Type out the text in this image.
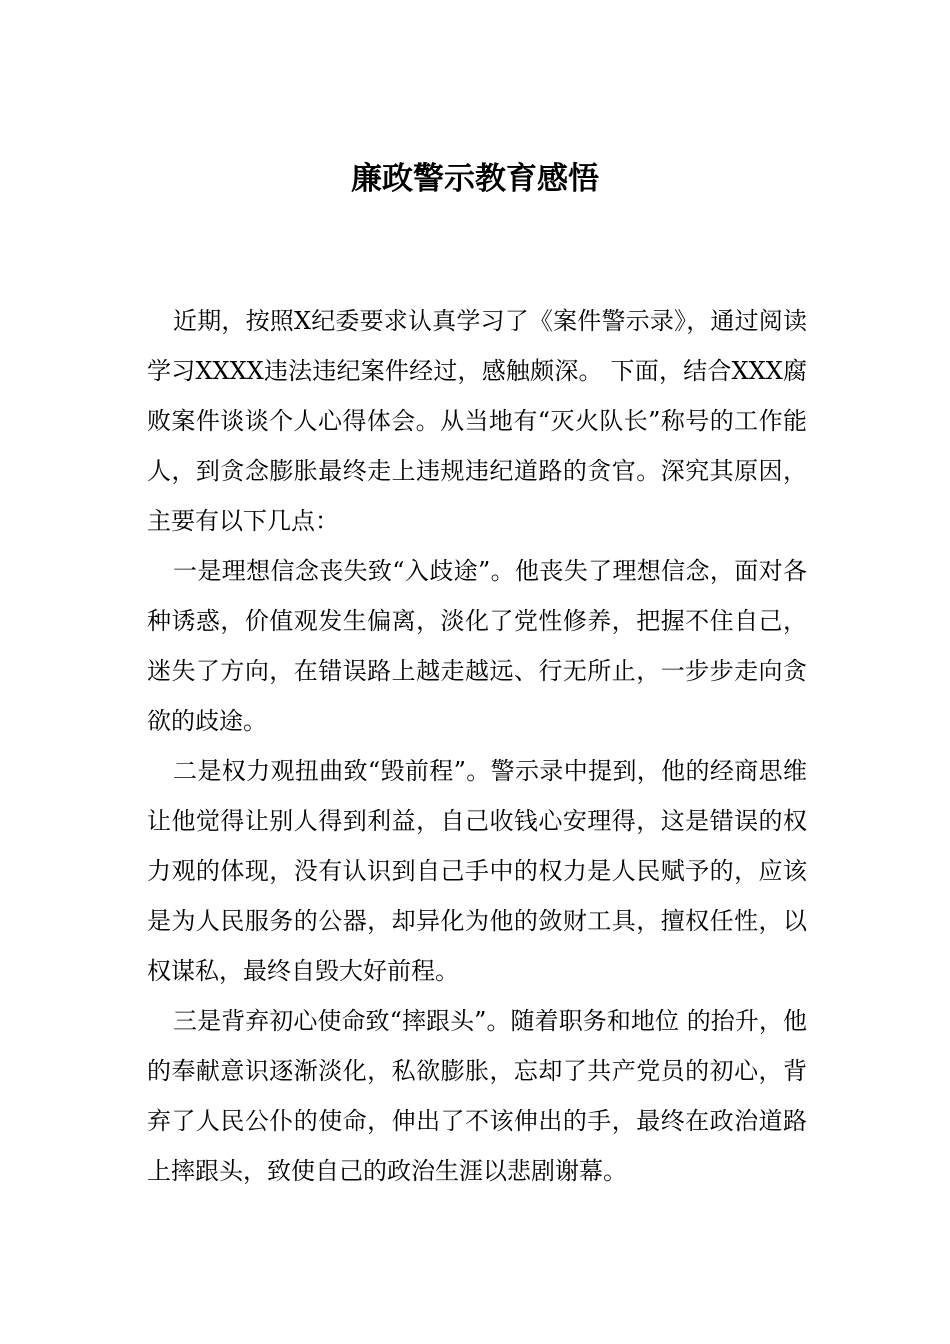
廉政警示教育感悟

近期，按照X纪委要求认真学习了《案件警示录》，通过阅读学习XXXX违法违纪案件经过，感触颇深。 下面，结合XXX腐败案件谈谈个人心得体会。从当地有“灭火队长”称号的工作能人，到贪念膨胀最终走上违规违纪道路的贪官。深究其原因，主要有以下几点：

一是理想信念丧失致“入歧途”。他丧失了理想信念，面对各种诱惑，价值观发生偏离，淡化了党性修养，把握不住自己，迷失了方向，在错误路上越走越远、行无所止，一步步走向贪欲的歧途。

二是权力观扭曲致“毁前程”。警示录中提到，他的经商思维让他觉得让别人得到利益，自己收钱心安理得，这是错误的权力观的体现，没有认识到自己手中的权力是人民赋予的，应该是为人民服务的公器，却异化为他的敛财工具，擅权任性，以权谋私，最终自毁大好前程。

三是背弃初心使命致“摔跟头”。随着职务和地位 的抬升，他的奉献意识逐渐淡化，私欲膨胀，忘却了共产党员的初心，背弃了人民公仆的使命，伸出了不该伸出的手，最终在政治道路上摔跟头，致使自己的政治生涯以悲剧谢幕。
